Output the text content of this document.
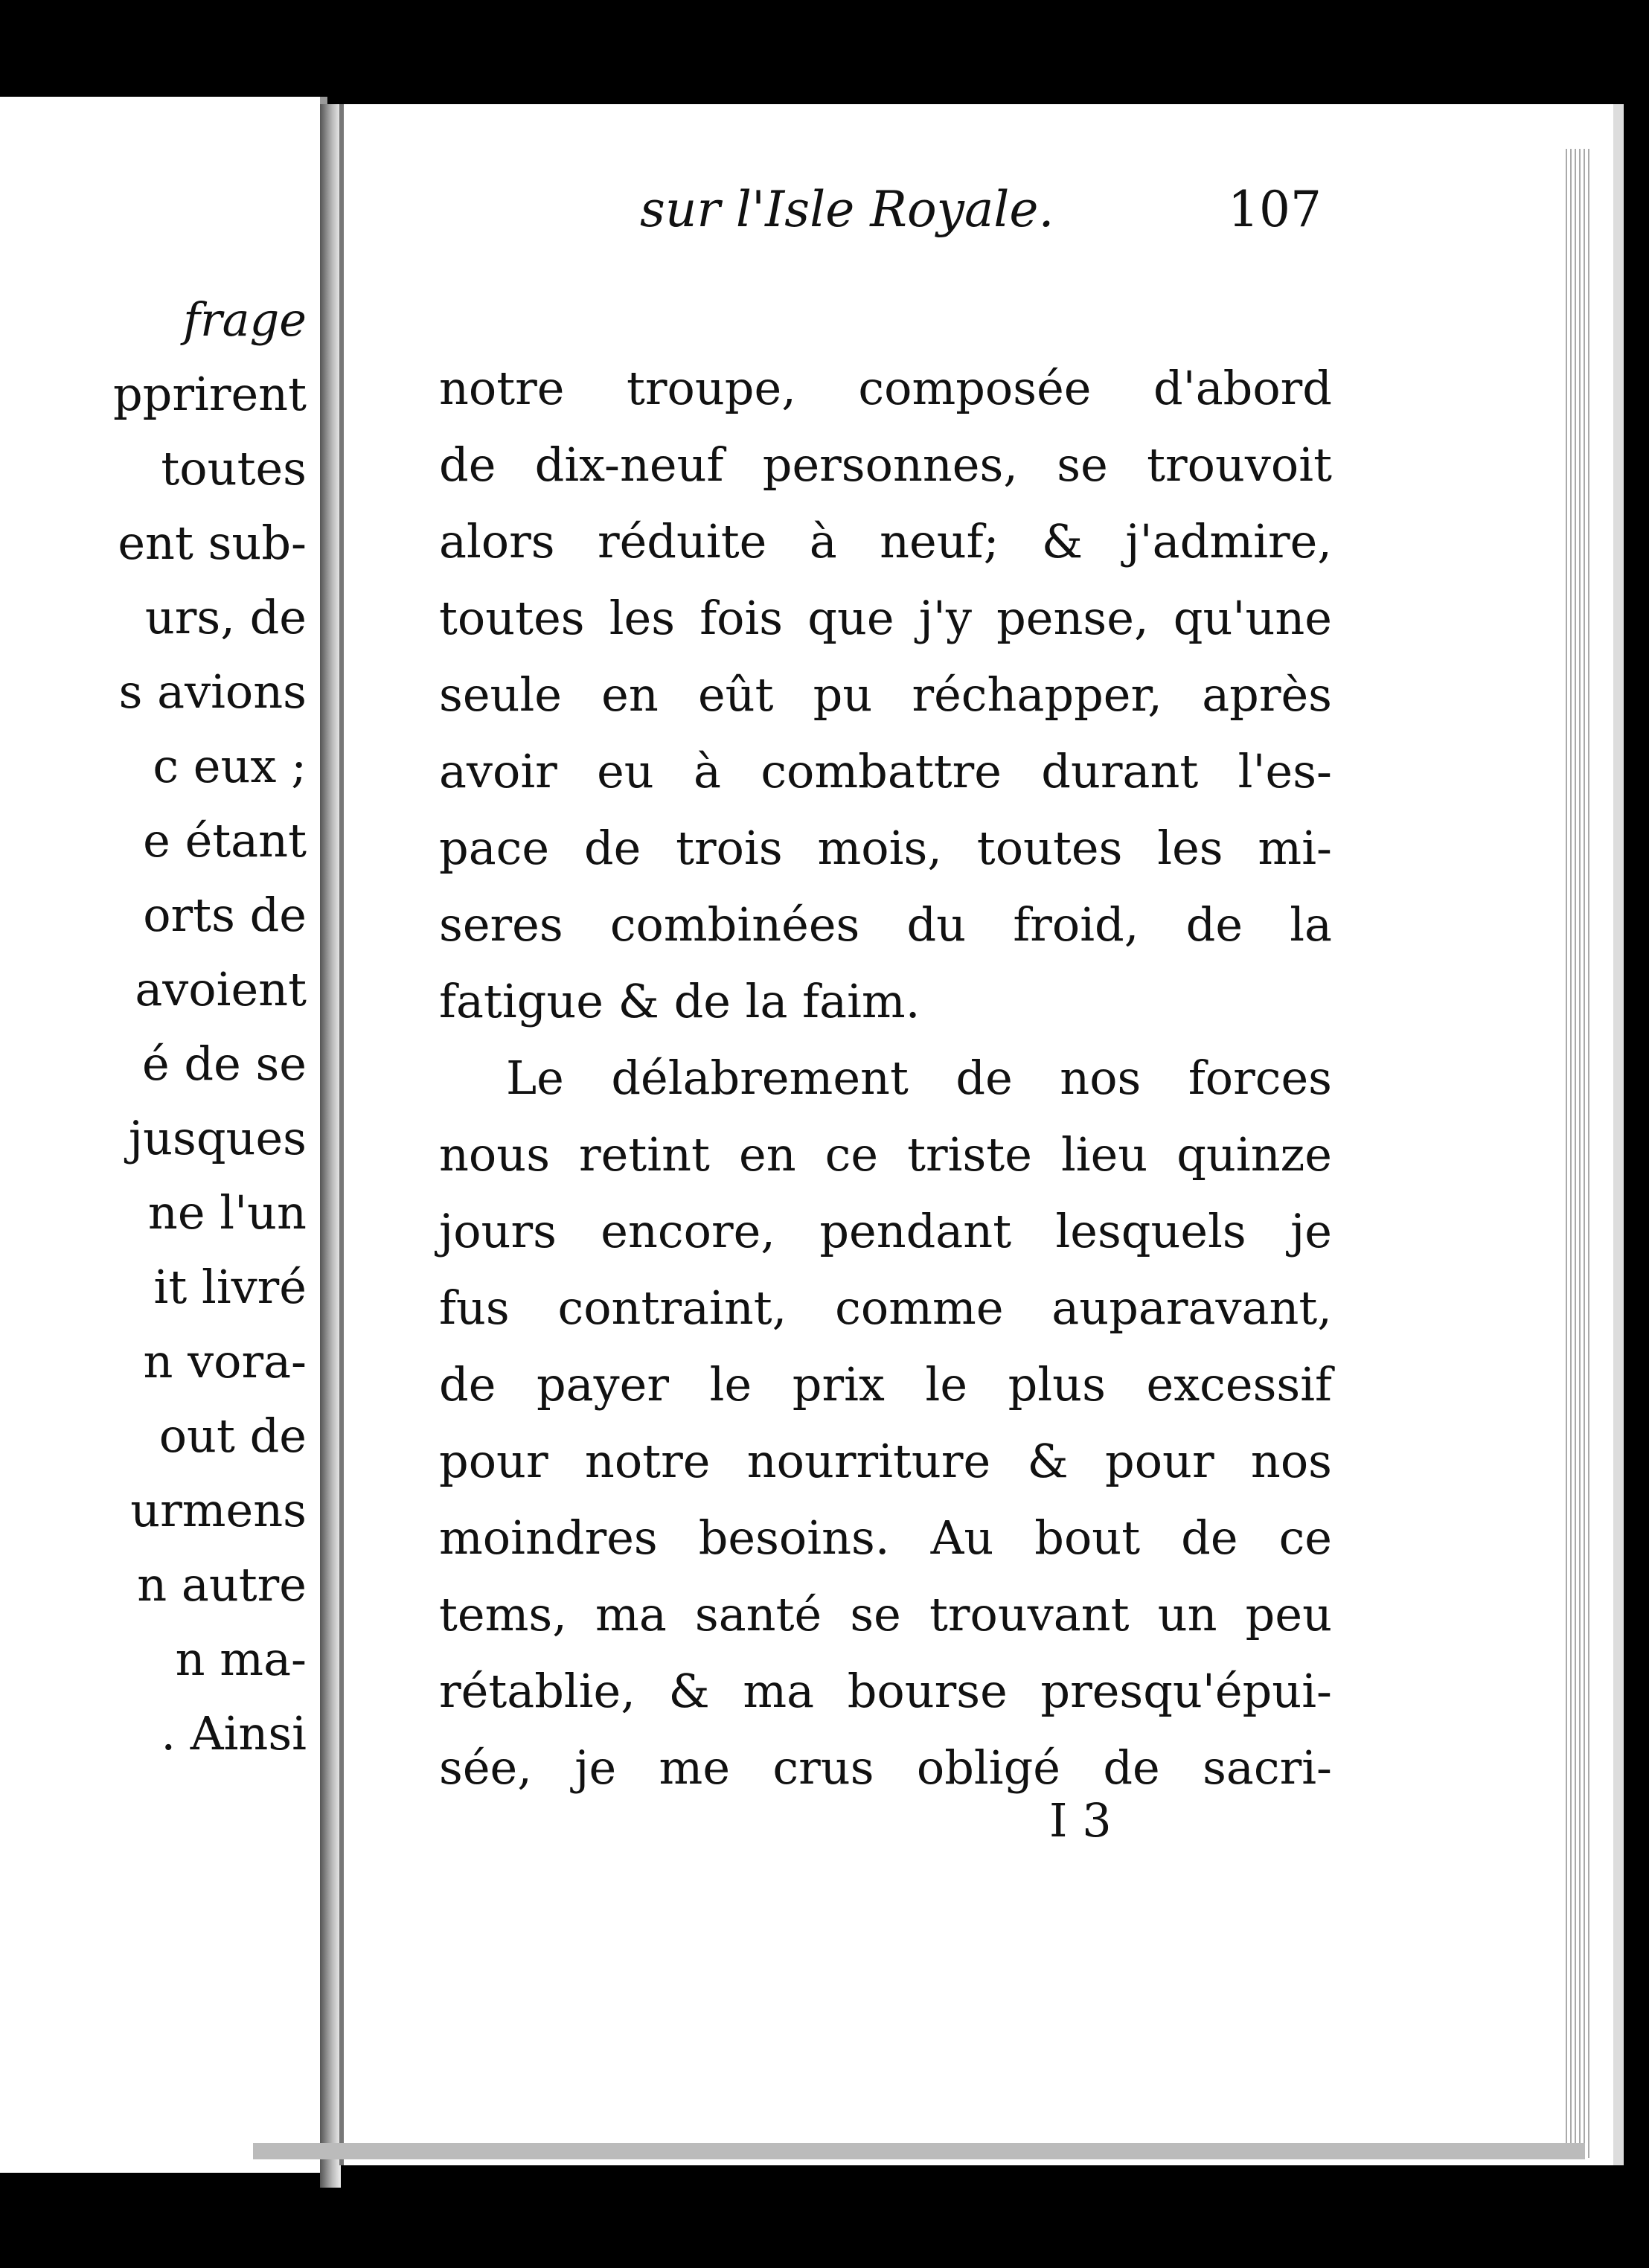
frage
pprirent
toutes
ent sub-
urs, de
s avions
c eux ;
e étant
orts de
avoient
é de se
jusques
ne l'un
it livré
n vora-
out de
urmens
n autre
n ma-
. Ainsi
sur l'Isle Royale.	107
notre troupe, composée d'abord
de dix-neuf personnes, se trouvoit
alors réduite à neuf; & j'admire,
toutes les fois que j'y pense, qu'une
seule en eût pu réchapper, après
avoir eu à combattre durant l'es-
pace de trois mois, toutes les mi-
seres combinées du froid, de la
fatigue & de la faim.
Le délabrement de nos forces
nous retint en ce triste lieu quinze
jours encore, pendant lesquels je
fus contraint, comme auparavant,
de payer le prix le plus excessif
pour notre nourriture & pour nos
moindres besoins. Au bout de ce
tems, ma santé se trouvant un peu
rétablie, & ma bourse presqu'épui-
sée, je me crus obligé de sacri-
I 3
